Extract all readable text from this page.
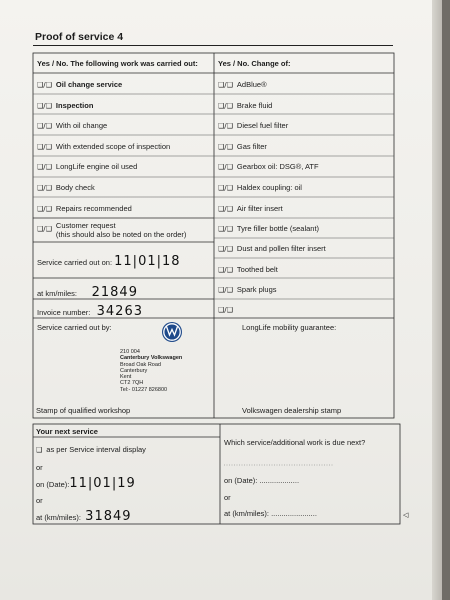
Proof of service 4
Yes / No. The following work was carried out:	Yes / No. Change of:
❑/❑ Oil change service
❑/❑ Inspection
❑/❑ With oil change
❑/❑ With extended scope of inspection
❑/❑ LongLife engine oil used
❑/❑ Body check
❑/❑ Repairs recommended
❑/❑ Customer request
(this should also be noted on the order)
Service carried out on: 11|01|18
at km/miles: 21849
Invoice number: 34263
Service carried out by:
210 004
Canterbury Volkswagen
Broad Oak Road
Canterbury
Kent
CT2 7QH
Tel:- 01227 826800
Stamp of qualified workshop
❑/❑ AdBlue®
❑/❑ Brake fluid
❑/❑ Diesel fuel filter
❑/❑ Gas filter
❑/❑ Gearbox oil: DSG®, ATF
❑/❑ Haldex coupling: oil
❑/❑ Air filter insert
❑/❑ Tyre filler bottle (sealant)
❑/❑ Dust and pollen filter insert
❑/❑ Toothed belt
❑/❑ Spark plugs
❑/❑
LongLife mobility guarantee:
Volkswagen dealership stamp
Your next service
❑ as per Service interval display
or
on (Date):11|01|19
or
at (km/miles): 31849
Which service/additional work is due next?
on (Date): ...................
or
at (km/miles): ......................	◁
